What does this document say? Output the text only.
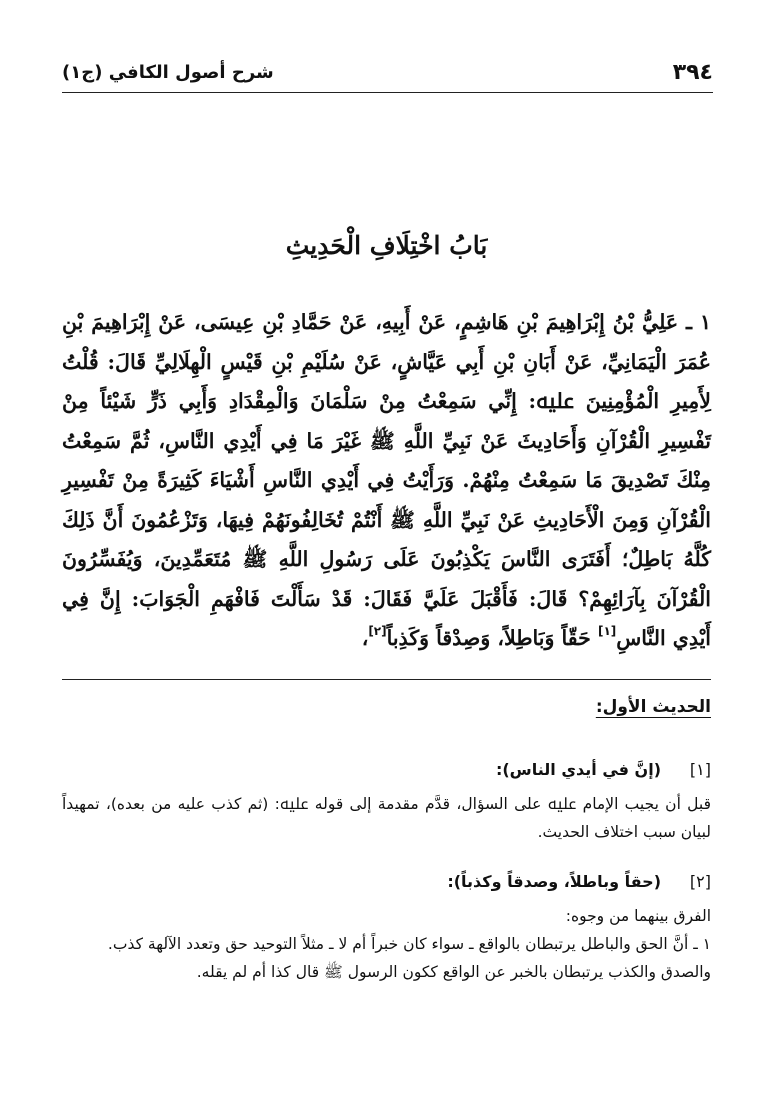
٣٩٤
شرح أصول الكافي (ج١)
بَابُ اخْتِلَافِ الْحَدِيثِ

١ ـ عَلِيُّ بْنُ إِبْرَاهِيمَ بْنِ هَاشِمٍ، عَنْ أَبِيهِ، عَنْ حَمَّادِ بْنِ عِيسَى، عَنْ إِبْرَاهِيمَ بْنِ عُمَرَ الْيَمَانِيِّ، عَنْ أَبَانِ بْنِ أَبِي عَيَّاشٍ، عَنْ سُلَيْمِ بْنِ قَيْسٍ الْهِلَالِيِّ قَالَ: قُلْتُ لِأَمِيرِ الْمُؤْمِنِينَ ﷷ: إِنِّي سَمِعْتُ مِنْ سَلْمَانَ وَالْمِقْدَادِ وَأَبِي ذَرٍّ شَيْئاً مِنْ تَفْسِيرِ الْقُرْآنِ وَأَحَادِيثَ عَنْ نَبِيِّ اللَّهِ ﷺ غَيْرَ مَا فِي أَيْدِي النَّاسِ، ثُمَّ سَمِعْتُ مِنْكَ تَصْدِيقَ مَا سَمِعْتُ مِنْهُمْ. وَرَأَيْتُ فِي أَيْدِي النَّاسِ أَشْيَاءَ كَثِيرَةً مِنْ تَفْسِيرِ الْقُرْآنِ وَمِنَ الْأَحَادِيثِ عَنْ نَبِيِّ اللَّهِ ﷺ أَنْتُمْ تُخَالِفُونَهُمْ فِيهَا، وَتَزْعُمُونَ أَنَّ ذَلِكَ كُلَّهُ بَاطِلٌ؛ أَفَتَرَى النَّاسَ يَكْذِبُونَ عَلَى رَسُولِ اللَّهِ ﷺ مُتَعَمِّدِينَ، وَيُفَسِّرُونَ الْقُرْآنَ بِآرَائِهِمْ؟ قَالَ: فَأَقْبَلَ عَلَيَّ فَقَالَ: قَدْ سَأَلْتَ فَافْهَمِ الْجَوَابَ: إِنَّ فِي أَيْدِي النَّاسِ[١] حَقّاً وَبَاطِلاً، وَصِدْقاً وَكَذِباً[٢]،

الحديث الأول:
[١]
(إنَّ في أيدي الناس):

قبل أن يجيب الإمام ﷷ على السؤال، قدَّم مقدمة إلى قوله ﷷ: (ثم كذب عليه من بعده)، تمهيداً لبيان سبب اختلاف الحديث.

[٢]
(حقاً وباطلاً، وصدقاً وكذباً):

الفرق بينهما من وجوه:

١ ـ أنَّ الحق والباطل يرتبطان بالواقع ـ سواء كان خبراً أم لا ـ مثلاً التوحيد حق وتعدد الآلهة كذب.

والصدق والكذب يرتبطان بالخبر عن الواقع ككون الرسول ﷺ قال كذا أم لم يقله.
